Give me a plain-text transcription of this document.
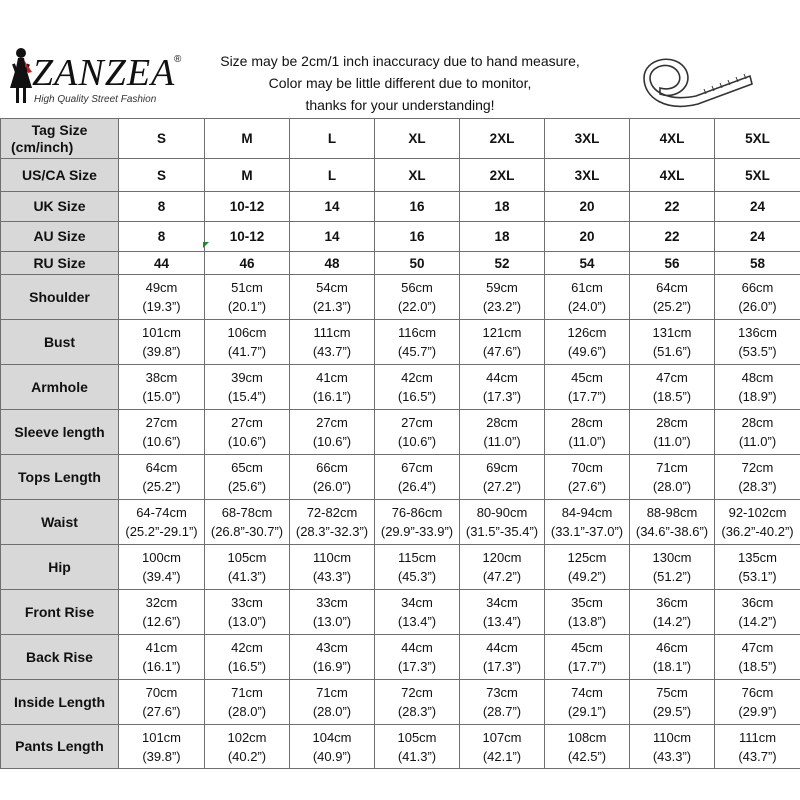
ZANZEA
®
High Quality Street Fashion
Size may be 2cm/1 inch inaccuracy due to hand measure,
Color may be little different due to monitor,
thanks for your understanding!
Tag Size
(cm/inch)	S	M	L	XL	2XL	3XL	4XL	5XL

US/CA Size	S	M	L	XL	2XL	3XL	4XL	5XL

UK Size	8	10-12	14	16	18	20	22	24

AU Size	8	10-12	14	16	18	20	22	24

RU Size	44	46	48	50	52	54	56	58
Shoulder	49cm
(19.3”)	51cm
(20.1”)	54cm
(21.3”)	56cm
(22.0”)	59cm
(23.2”)	61cm
(24.0”)	64cm
(25.2”)	66cm
(26.0”)

Bust	101cm
(39.8”)	106cm
(41.7”)	111cm
(43.7”)	116cm
(45.7”)	121cm
(47.6”)	126cm
(49.6”)	131cm
(51.6”)	136cm
(53.5”)

Armhole	38cm
(15.0”)	39cm
(15.4”)	41cm
(16.1”)	42cm
(16.5”)	44cm
(17.3”)	45cm
(17.7”)	47cm
(18.5”)	48cm
(18.9”)

Sleeve length	27cm
(10.6”)	27cm
(10.6”)	27cm
(10.6”)	27cm
(10.6”)	28cm
(11.0”)	28cm
(11.0”)	28cm
(11.0”)	28cm
(11.0”)

Tops Length	64cm
(25.2”)	65cm
(25.6”)	66cm
(26.0”)	67cm
(26.4”)	69cm
(27.2”)	70cm
(27.6”)	71cm
(28.0”)	72cm
(28.3”)

Waist	64-74cm
(25.2”-29.1”)	68-78cm
(26.8”-30.7”)	72-82cm
(28.3”-32.3”)	76-86cm
(29.9”-33.9”)	80-90cm
(31.5”-35.4”)	84-94cm
(33.1”-37.0”)	88-98cm
(34.6”-38.6”)	92-102cm
(36.2”-40.2”)

Hip	100cm
(39.4”)	105cm
(41.3”)	110cm
(43.3”)	115cm
(45.3”)	120cm
(47.2”)	125cm
(49.2”)	130cm
(51.2”)	135cm
(53.1”)

Front Rise	32cm
(12.6”)	33cm
(13.0”)	33cm
(13.0”)	34cm
(13.4”)	34cm
(13.4”)	35cm
(13.8”)	36cm
(14.2”)	36cm
(14.2”)

Back Rise	41cm
(16.1”)	42cm
(16.5”)	43cm
(16.9”)	44cm
(17.3”)	44cm
(17.3”)	45cm
(17.7”)	46cm
(18.1”)	47cm
(18.5”)

Inside Length	70cm
(27.6”)	71cm
(28.0”)	71cm
(28.0”)	72cm
(28.3”)	73cm
(28.7”)	74cm
(29.1”)	75cm
(29.5”)	76cm
(29.9”)

Pants Length	101cm
(39.8”)	102cm
(40.2”)	104cm
(40.9”)	105cm
(41.3”)	107cm
(42.1”)	108cm
(42.5”)	110cm
(43.3”)	111cm
(43.7”)
